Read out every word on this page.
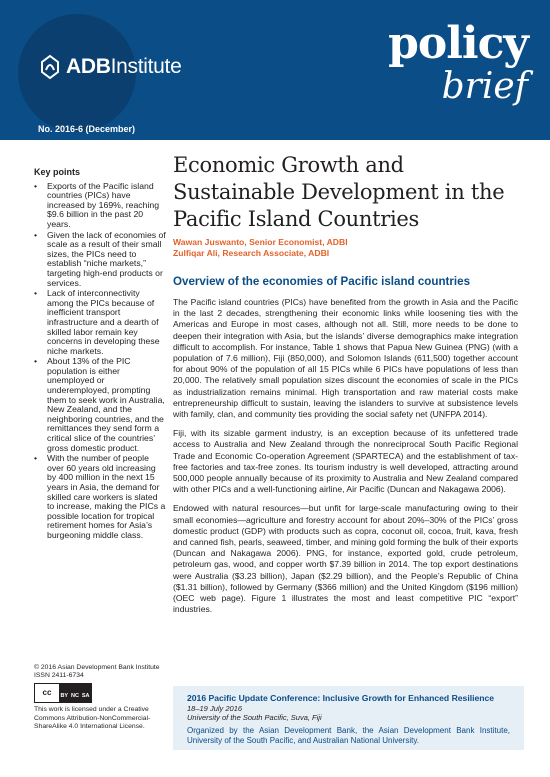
ADBInstitute	policy
brief
No. 2016-6 (December)
Key points
• Exports of the Pacific island countries (PICs) have increased by 169%, reaching $9.6 billion in the past 20 years.
• Given the lack of economies of scale as a result of their small sizes, the PICs need to establish “niche markets,” targeting high-end products or services.
• Lack of interconnectivity among the PICs because of inefficient transport infrastructure and a dearth of skilled labor remain key concerns in developing these niche markets.
• About 13% of the PIC population is either unemployed or underemployed, prompting them to seek work in Australia, New Zealand, and the neighboring countries, and the remittances they send form a critical slice of the countries’ gross domestic product.
• With the number of people over 60 years old increasing by 400 million in the next 15 years in Asia, the demand for skilled care workers is slated to increase, making the PICs a possible location for tropical retirement homes for Asia’s burgeoning middle class.
© 2016 Asian Development Bank Institute
ISSN 2411-6734
cc	BY NC SA
This work is licensed under a Creative Commons Attribution-NonCommercial-ShareAlike 4.0 International License.
Economic Growth and Sustainable Development in the Pacific Island Countries
Wawan Juswanto, Senior Economist, ADBI
Zulfiqar Ali, Research Associate, ADBI
Overview of the economies of Pacific island countries

The Pacific island countries (PICs) have benefited from the growth in Asia and the Pacific in the last 2 decades, strengthening their economic links while loosening ties with the Americas and Europe in most cases, although not all. Still, more needs to be done to deepen their integration with Asia, but the islands’ diverse demographics make integration difficult to accomplish. For instance, Table 1 shows that Papua New Guinea (PNG) (with a population of 7.6 million), Fiji (850,000), and Solomon Islands (611,500) together account for about 90% of the population of all 15 PICs while 6 PICs have populations of less than 20,000. The relatively small population sizes discount the economies of scale in the PICs as industrialization remains minimal. High transportation and raw material costs make entrepreneurship difficult to sustain, leaving the islanders to survive at subsistence levels with family, clan, and community ties providing the social safety net (UNFPA 2014).

Fiji, with its sizable garment industry, is an exception because of its unfettered trade access to Australia and New Zealand through the nonreciprocal South Pacific Regional Trade and Economic Co-operation Agreement (SPARTECA) and the establishment of tax-free factories and tax-free zones. Its tourism industry is well developed, attracting around 500,000 people annually because of its proximity to Australia and New Zealand compared with other PICs and a well-functioning airline, Air Pacific (Duncan and Nakagawa 2006).

Endowed with natural resources—but unfit for large-scale manufacturing owing to their small economies—agriculture and forestry account for about 20%–30% of the PICs’ gross domestic product (GDP) with products such as copra, coconut oil, cocoa, fruit, kava, fresh and canned fish, pearls, seaweed, timber, and mining gold forming the bulk of their exports (Duncan and Nakagawa 2006). PNG, for instance, exported gold, crude petroleum, petroleum gas, wood, and copper worth $7.39 billion in 2014. The top export destinations were Australia ($3.23 billion), Japan ($2.29 billion), and the People’s Republic of China ($1.31 billion), followed by Germany ($366 million) and the United Kingdom ($196 million) (OEC web page). Figure 1 illustrates the most and least competitive PIC “export” industries.

2016 Pacific Update Conference: Inclusive Growth for Enhanced Resilience
18–19 July 2016
University of the South Pacific, Suva, Fiji
Organized by the Asian Development Bank, the Asian Development Bank Institute, University of the South Pacific, and Australian National University.
